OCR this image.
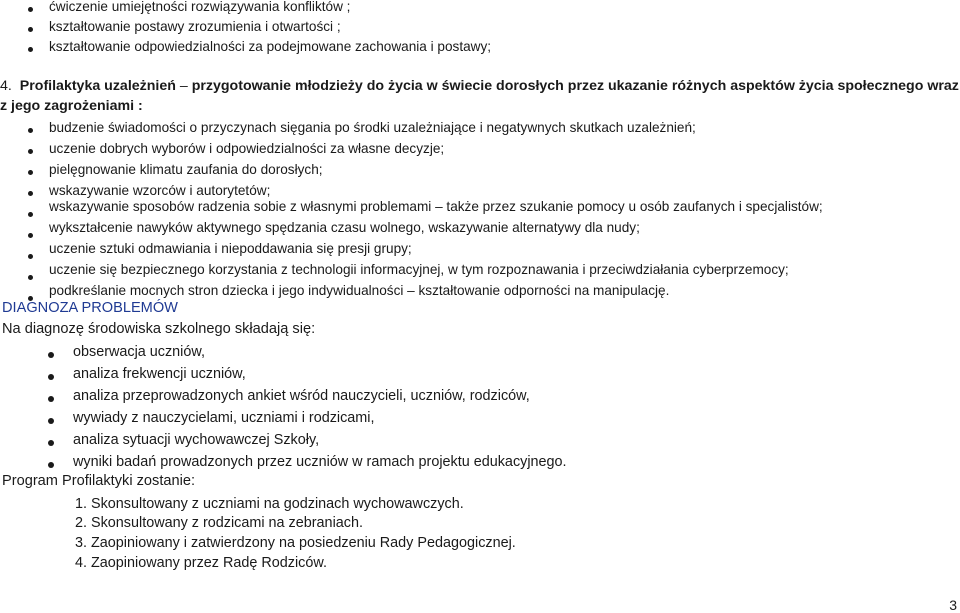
ćwiczenie umiejętności rozwiązywania konfliktów ;
kształtowanie postawy zrozumienia i otwartości ;
kształtowanie odpowiedzialności za podejmowane zachowania i postawy;
4. Profilaktyka uzależnień – przygotowanie młodzieży do życia w świecie dorosłych przez ukazanie różnych aspektów życia społecznego wraz
z jego zagrożeniami :
budzenie świadomości o przyczynach sięgania po środki uzależniające i negatywnych skutkach uzależnień;
uczenie dobrych wyborów i odpowiedzialności za własne decyzje;
pielęgnowanie klimatu zaufania do dorosłych;
wskazywanie wzorców i autorytetów;
wskazywanie sposobów radzenia sobie z własnymi problemami – także przez szukanie pomocy u osób zaufanych i specjalistów;
wykształcenie nawyków aktywnego spędzania czasu wolnego, wskazywanie alternatywy dla nudy;
uczenie sztuki odmawiania i niepoddawania się presji grupy;
uczenie się bezpiecznego korzystania z technologii informacyjnej, w tym rozpoznawania i przeciwdziałania cyberprzemocy;
podkreślanie mocnych stron dziecka i jego indywidualności – kształtowanie odporności na manipulację.
DIAGNOZA PROBLEMÓW
Na diagnozę środowiska szkolnego składają się:
obserwacja uczniów,
analiza frekwencji uczniów,
analiza przeprowadzonych ankiet wśród nauczycieli, uczniów, rodziców,
wywiady z nauczycielami, uczniami i rodzicami,
analiza sytuacji wychowawczej Szkoły,
wyniki badań prowadzonych przez uczniów w ramach projektu edukacyjnego.
Program Profilaktyki zostanie:
1. Skonsultowany z uczniami na godzinach wychowawczych.
2. Skonsultowany z rodzicami na zebraniach.
3. Zaopiniowany i zatwierdzony na posiedzeniu Rady Pedagogicznej.
4. Zaopiniowany przez Radę Rodziców.
3
